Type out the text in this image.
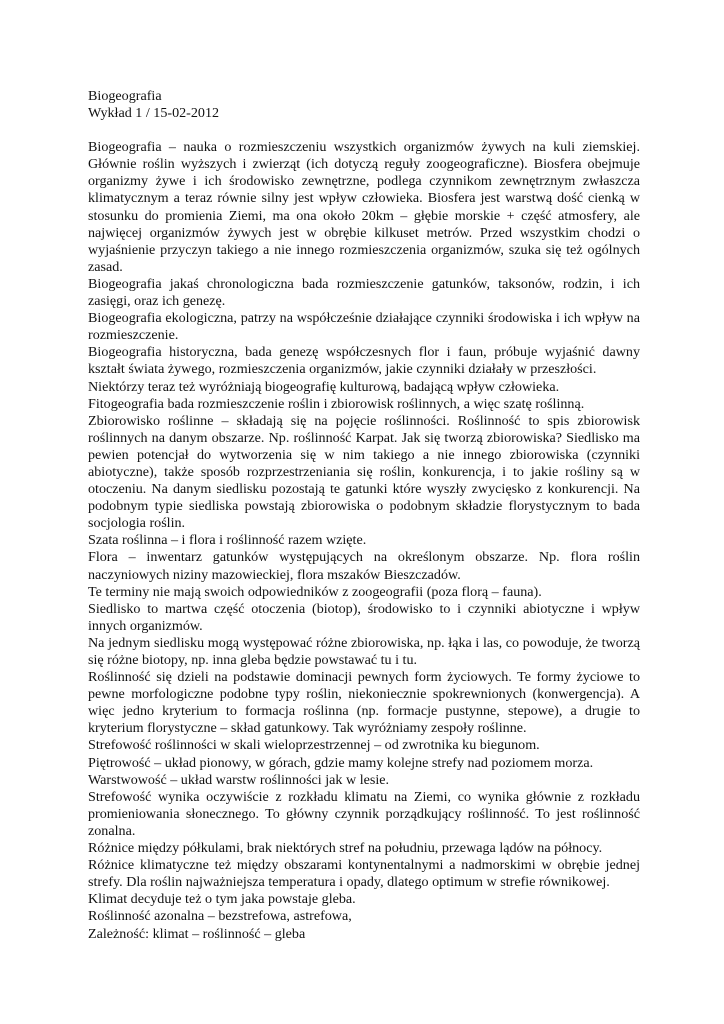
Biogeografia
Wykład 1 / 15-02-2012

Biogeografia – nauka o rozmieszczeniu wszystkich organizmów żywych na kuli ziemskiej. Głównie roślin wyższych i zwierząt (ich dotyczą reguły zoogeograficzne). Biosfera obejmuje organizmy żywe i ich środowisko zewnętrzne, podlega czynnikom zewnętrznym zwłaszcza klimatycznym a teraz równie silny jest wpływ człowieka. Biosfera jest warstwą dość cienką w stosunku do promienia Ziemi, ma ona około 20km – głębie morskie + część atmosfery, ale najwięcej organizmów żywych jest w obrębie kilkuset metrów. Przed wszystkim chodzi o wyjaśnienie przyczyn takiego a nie innego rozmieszczenia organizmów, szuka się też ogólnych zasad.

Biogeografia jakaś chronologiczna bada rozmieszczenie gatunków, taksonów, rodzin, i ich zasięgi, oraz ich genezę.

Biogeografia ekologiczna, patrzy na współcześnie działające czynniki środowiska i ich wpływ na rozmieszczenie.

Biogeografia historyczna, bada genezę współczesnych flor i faun, próbuje wyjaśnić dawny kształt świata żywego, rozmieszczenia organizmów, jakie czynniki działały w przeszłości.

Niektórzy teraz też wyróżniają biogeografię kulturową, badającą wpływ człowieka.

Fitogeografia bada rozmieszczenie roślin i zbiorowisk roślinnych, a więc szatę roślinną.

Zbiorowisko roślinne – składają się na pojęcie roślinności. Roślinność to spis zbiorowisk roślinnych na danym obszarze. Np. roślinność Karpat. Jak się tworzą zbiorowiska? Siedlisko ma pewien potencjał do wytworzenia się w nim takiego a nie innego zbiorowiska (czynniki abiotyczne), także sposób rozprzestrzeniania się roślin, konkurencja, i to jakie rośliny są w otoczeniu. Na danym siedlisku pozostają te gatunki które wyszły zwycięsko z konkurencji. Na podobnym typie siedliska powstają zbiorowiska o podobnym składzie florystycznym to bada socjologia roślin.

Szata roślinna – i flora i roślinność razem wzięte.

Flora – inwentarz gatunków występujących na określonym obszarze. Np. flora roślin naczyniowych niziny mazowieckiej, flora mszaków Bieszczadów.

Te terminy nie mają swoich odpowiedników z zoogeografii (poza florą – fauna).

Siedlisko to martwa część otoczenia (biotop), środowisko to i czynniki abiotyczne i wpływ innych organizmów.

Na jednym siedlisku mogą występować różne zbiorowiska, np. łąka i las, co powoduje, że tworzą się różne biotopy, np. inna gleba będzie powstawać tu i tu.

Roślinność się dzieli na podstawie dominacji pewnych form życiowych. Te formy życiowe to pewne morfologiczne podobne typy roślin, niekoniecznie spokrewnionych (konwergencja). A więc jedno kryterium to formacja roślinna (np. formacje pustynne, stepowe), a drugie to kryterium florystyczne – skład gatunkowy. Tak wyróżniamy zespoły roślinne.

Strefowość roślinności w skali wieloprzestrzennej – od zwrotnika ku biegunom.

Piętrowość – układ pionowy, w górach, gdzie mamy kolejne strefy nad poziomem morza.

Warstwowość – układ warstw roślinności jak w lesie.

Strefowość wynika oczywiście z rozkładu klimatu na Ziemi, co wynika głównie z rozkładu promieniowania słonecznego. To główny czynnik porządkujący roślinność. To jest roślinność zonalna.

Różnice między półkulami, brak niektórych stref na południu, przewaga lądów na północy.

Różnice klimatyczne też między obszarami kontynentalnymi a nadmorskimi w obrębie jednej strefy. Dla roślin najważniejsza temperatura i opady, dlatego optimum w strefie równikowej.

Klimat decyduje też o tym jaka powstaje gleba.

Roślinność azonalna – bezstrefowa, astrefowa,

Zależność: klimat – roślinność – gleba
